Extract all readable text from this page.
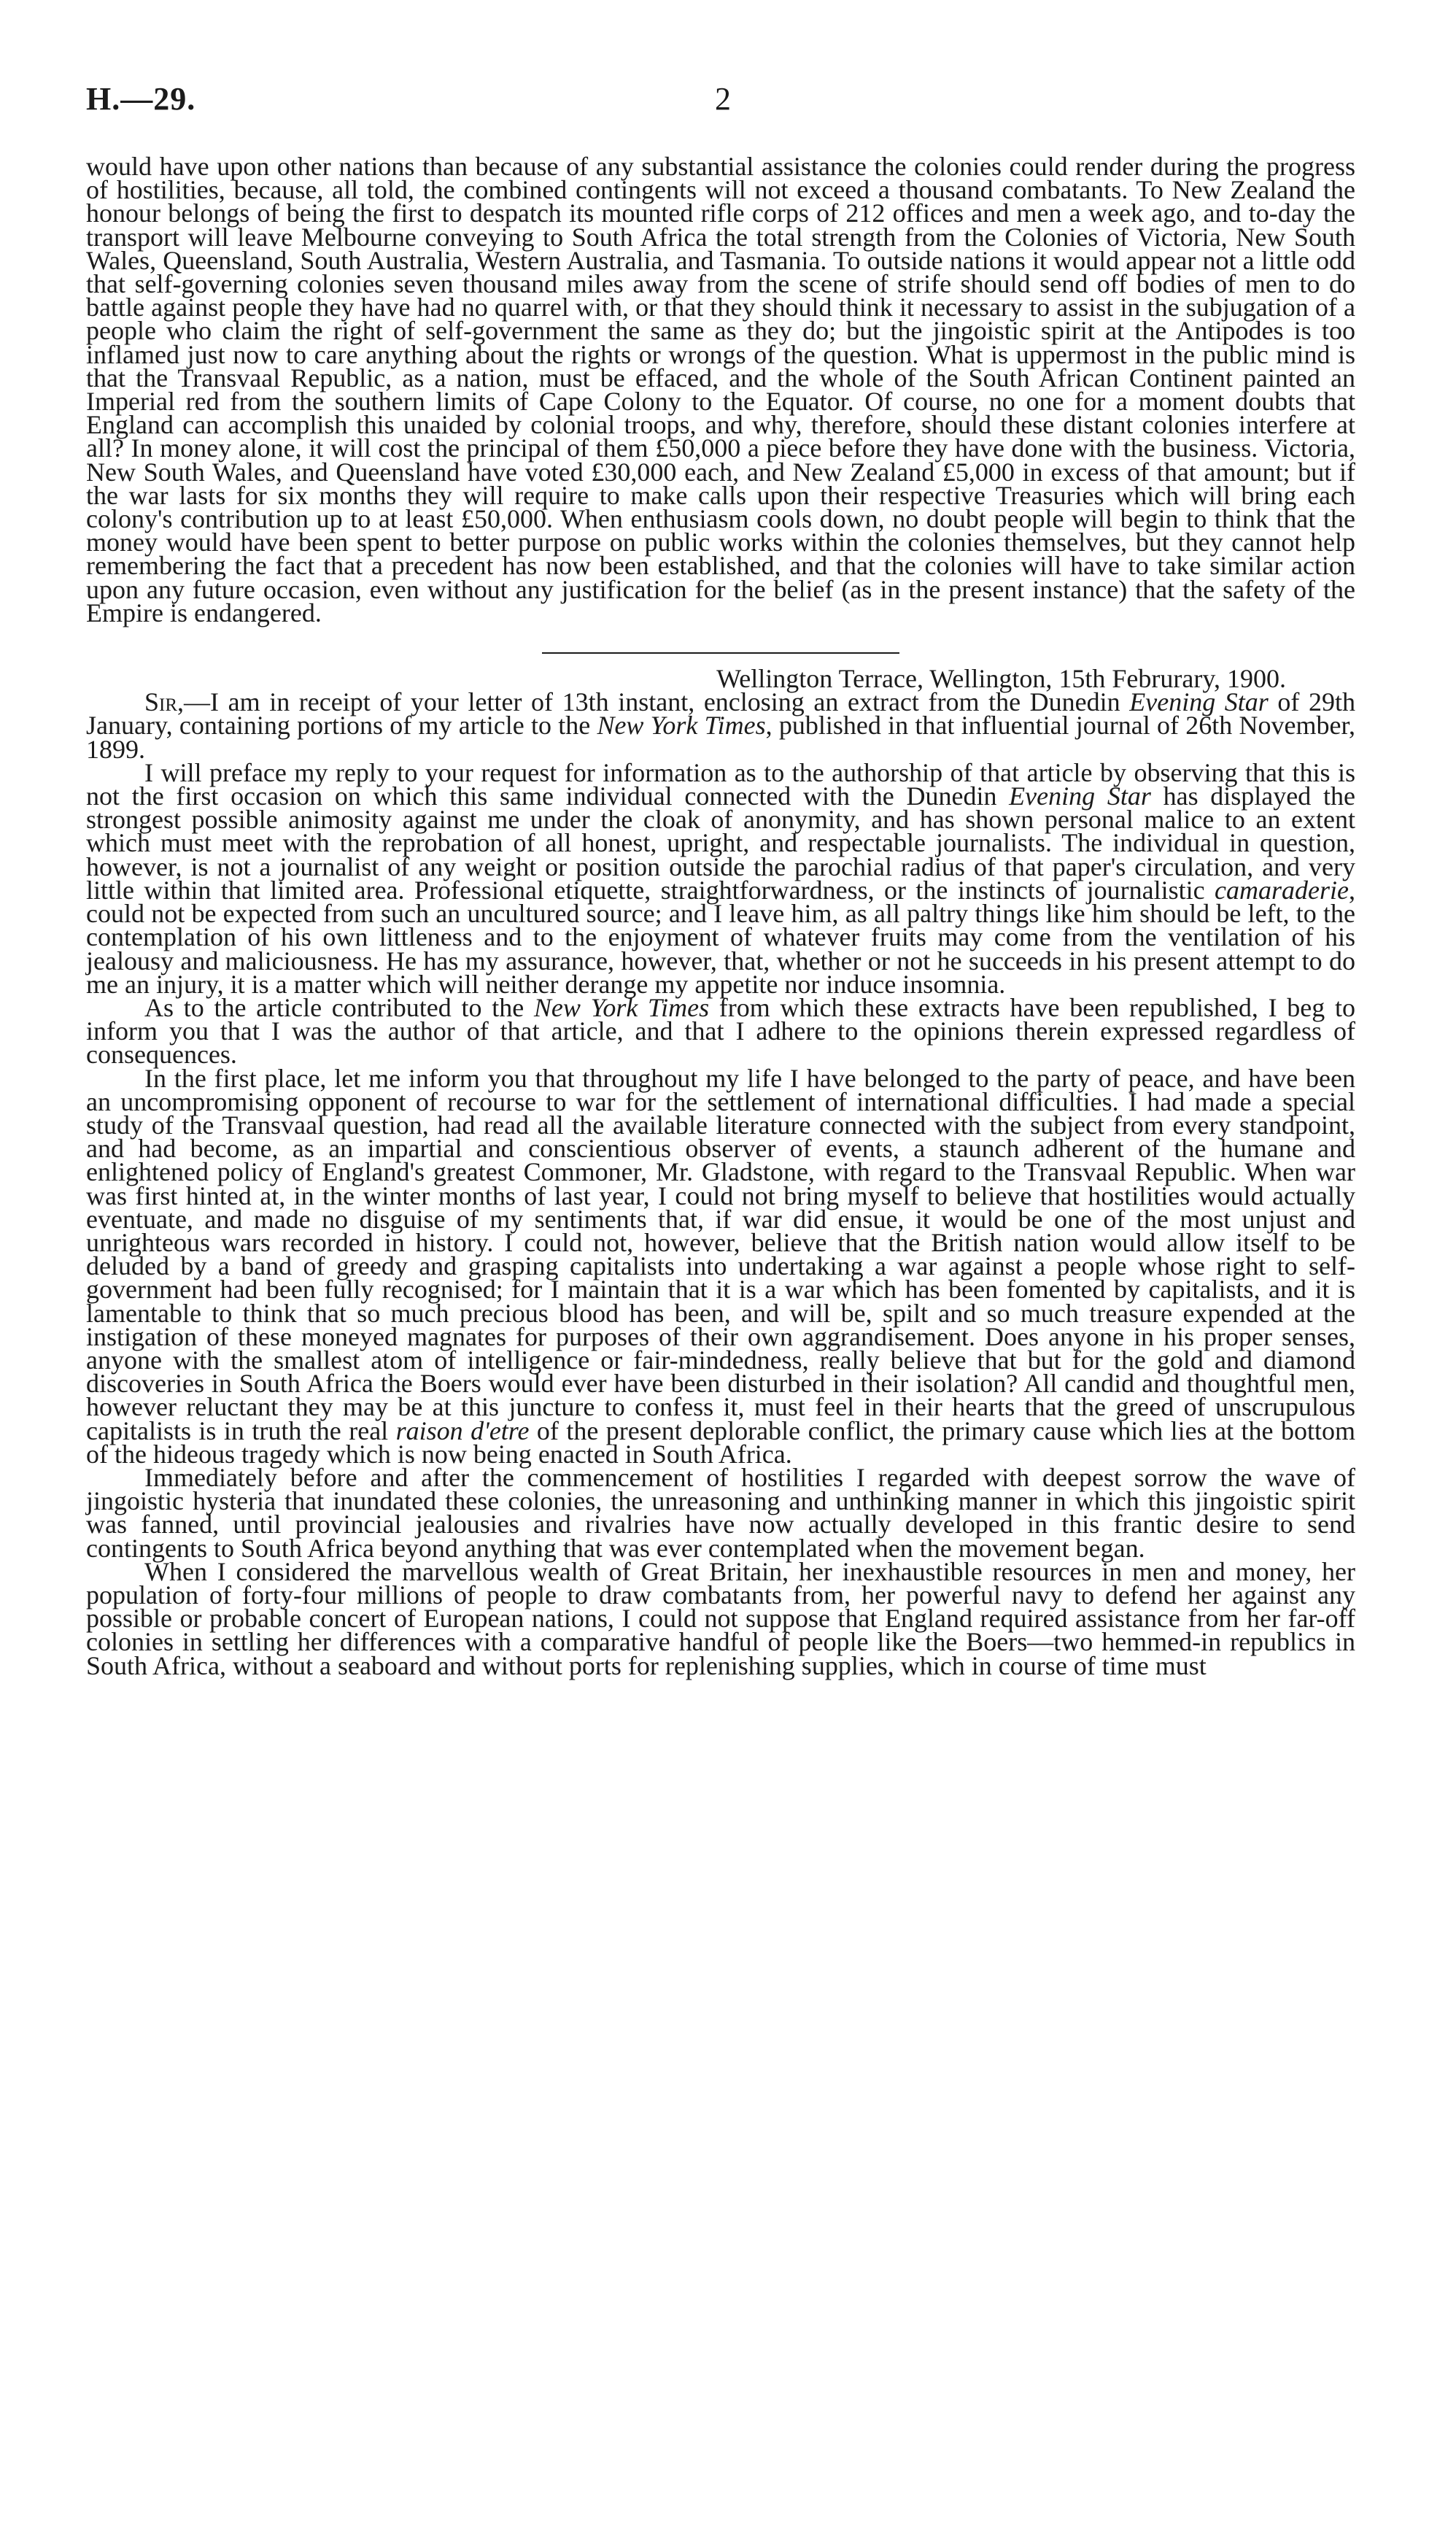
H.—29.	2

would have upon other nations than because of any substantial assistance the colonies could render during the progress of hostilities, because, all told, the combined contingents will not exceed a thousand combatants. To New Zealand the honour belongs of being the first to despatch its mounted rifle corps of 212 offices and men a week ago, and to-day the transport will leave Melbourne conveying to South Africa the total strength from the Colonies of Victoria, New South Wales, Queensland, South Australia, Western Australia, and Tasmania. To outside nations it would appear not a little odd that self-governing colonies seven thousand miles away from the scene of strife should send off bodies of men to do battle against people they have had no quarrel with, or that they should think it necessary to assist in the subjugation of a people who claim the right of self-government the same as they do; but the jingoistic spirit at the Antipodes is too inflamed just now to care anything about the rights or wrongs of the question. What is uppermost in the public mind is that the Transvaal Republic, as a nation, must be effaced, and the whole of the South African Continent painted an Imperial red from the southern limits of Cape Colony to the Equator. Of course, no one for a moment doubts that England can accomplish this unaided by colonial troops, and why, therefore, should these distant colonies interfere at all? In money alone, it will cost the principal of them £50,000 a piece before they have done with the business. Victoria, New South Wales, and Queensland have voted £30,000 each, and New Zealand £5,000 in excess of that amount; but if the war lasts for six months they will require to make calls upon their respective Treasuries which will bring each colony's contribution up to at least £50,000. When enthusiasm cools down, no doubt people will begin to think that the money would have been spent to better purpose on public works within the colonies themselves, but they cannot help remembering the fact that a precedent has now been established, and that the colonies will have to take similar action upon any future occasion, even without any justification for the belief (as in the present instance) that the safety of the Empire is endangered.

Wellington Terrace, Wellington, 15th Februrary, 1900.

Sir,—I am in receipt of your letter of 13th instant, enclosing an extract from the Dunedin Evening Star of 29th January, containing portions of my article to the New York Times, published in that influential journal of 26th November, 1899.

I will preface my reply to your request for information as to the authorship of that article by observing that this is not the first occasion on which this same individual connected with the Dunedin Evening Star has displayed the strongest possible animosity against me under the cloak of anonymity, and has shown personal malice to an extent which must meet with the reprobation of all honest, upright, and respectable journalists. The individual in question, however, is not a journalist of any weight or position outside the parochial radius of that paper's circulation, and very little within that limited area. Professional etiquette, straightforwardness, or the instincts of journalistic camaraderie, could not be expected from such an uncultured source; and I leave him, as all paltry things like him should be left, to the contemplation of his own littleness and to the enjoyment of whatever fruits may come from the ventilation of his jealousy and maliciousness. He has my assurance, however, that, whether or not he succeeds in his present attempt to do me an injury, it is a matter which will neither derange my appetite nor induce insomnia.

As to the article contributed to the New York Times from which these extracts have been republished, I beg to inform you that I was the author of that article, and that I adhere to the opinions therein expressed regardless of consequences.

In the first place, let me inform you that throughout my life I have belonged to the party of peace, and have been an uncompromising opponent of recourse to war for the settlement of international difficulties. I had made a special study of the Transvaal question, had read all the available literature connected with the subject from every standpoint, and had become, as an impartial and conscientious observer of events, a staunch adherent of the humane and enlightened policy of England's greatest Commoner, Mr. Gladstone, with regard to the Transvaal Republic. When war was first hinted at, in the winter months of last year, I could not bring myself to believe that hostilities would actually eventuate, and made no disguise of my sentiments that, if war did ensue, it would be one of the most unjust and unrighteous wars recorded in history. I could not, however, believe that the British nation would allow itself to be deluded by a band of greedy and grasping capitalists into undertaking a war against a people whose right to self-government had been fully recognised; for I maintain that it is a war which has been fomented by capitalists, and it is lamentable to think that so much precious blood has been, and will be, spilt and so much treasure expended at the instigation of these moneyed magnates for purposes of their own aggrandisement. Does anyone in his proper senses, anyone with the smallest atom of intelligence or fair-mindedness, really believe that but for the gold and diamond discoveries in South Africa the Boers would ever have been disturbed in their isolation? All candid and thoughtful men, however reluctant they may be at this juncture to confess it, must feel in their hearts that the greed of unscrupulous capitalists is in truth the real raison d'etre of the present deplorable conflict, the primary cause which lies at the bottom of the hideous tragedy which is now being enacted in South Africa.

Immediately before and after the commencement of hostilities I regarded with deepest sorrow the wave of jingoistic hysteria that inundated these colonies, the unreasoning and unthinking manner in which this jingoistic spirit was fanned, until provincial jealousies and rivalries have now actually developed in this frantic desire to send contingents to South Africa beyond anything that was ever contemplated when the movement began.

When I considered the marvellous wealth of Great Britain, her inexhaustible resources in men and money, her population of forty-four millions of people to draw combatants from, her powerful navy to defend her against any possible or probable concert of European nations, I could not suppose that England required assistance from her far-off colonies in settling her differences with a comparative handful of people like the Boers—two hemmed-in republics in South Africa, without a seaboard and without ports for replenishing supplies, which in course of time must
